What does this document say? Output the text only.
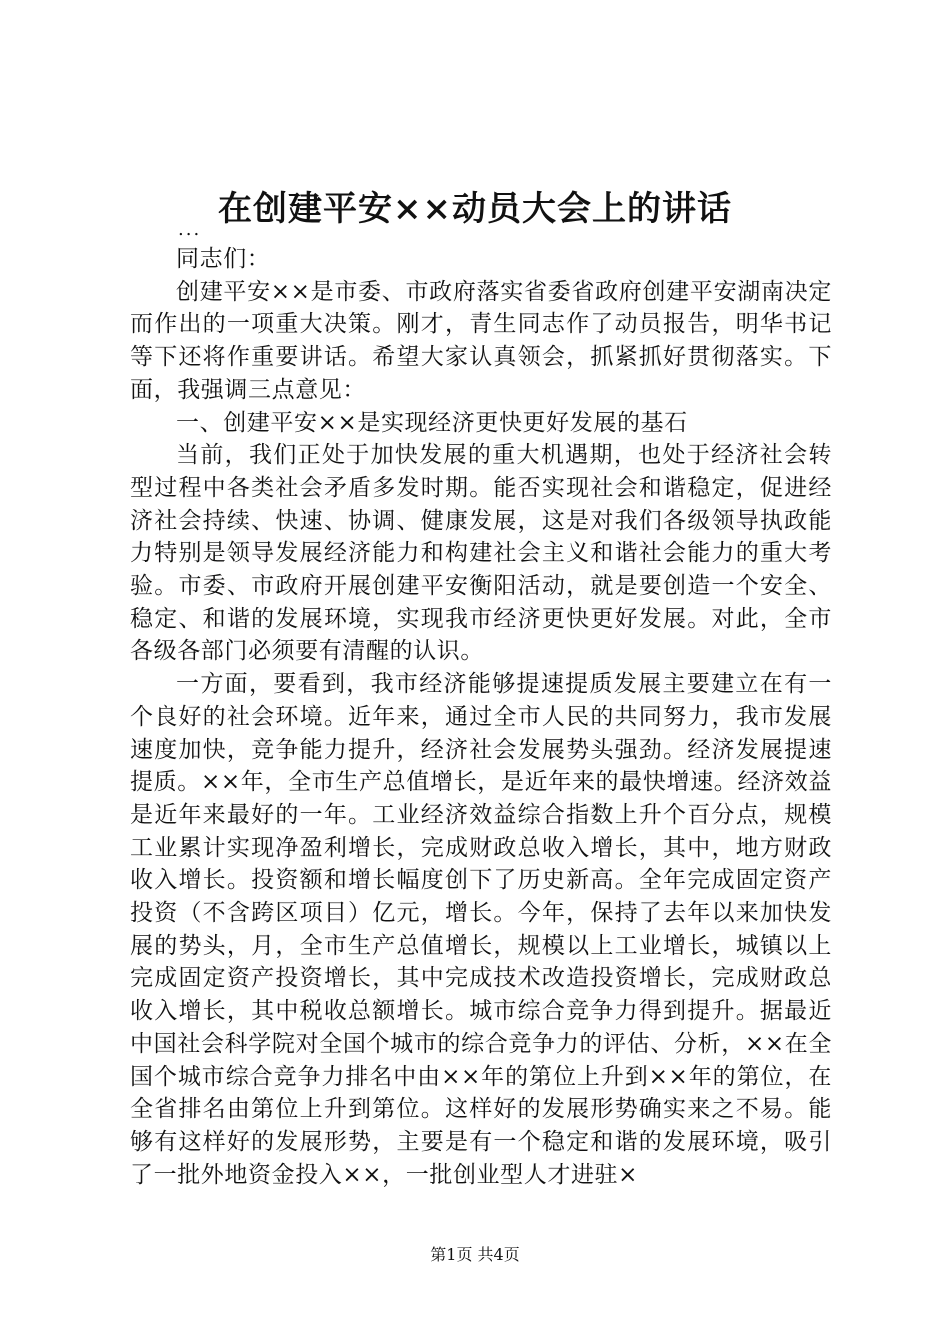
在创建平安××动员大会上的讲话
...

同志们：

创建平安××是市委、市政府落实省委省政府创建平安湖南决定而作出的一项重大决策。刚才，青生同志作了动员报告，明华书记等下还将作重要讲话。希望大家认真领会，抓紧抓好贯彻落实。下面，我强调三点意见：

一、创建平安××是实现经济更快更好发展的基石

当前，我们正处于加快发展的重大机遇期，也处于经济社会转型过程中各类社会矛盾多发时期。能否实现社会和谐稳定，促进经济社会持续、快速、协调、健康发展，这是对我们各级领导执政能力特别是领导发展经济能力和构建社会主义和谐社会能力的重大考验。市委、市政府开展创建平安衡阳活动，就是要创造一个安全、稳定、和谐的发展环境，实现我市经济更快更好发展。对此，全市各级各部门必须要有清醒的认识。

一方面，要看到，我市经济能够提速提质发展主要建立在有一个良好的社会环境。近年来，通过全市人民的共同努力，我市发展速度加快，竞争能力提升，经济社会发展势头强劲。经济发展提速提质。××年，全市生产总值增长，是近年来的最快增速。经济效益是近年来最好的一年。工业经济效益综合指数上升个百分点，规模工业累计实现净盈利增长，完成财政总收入增长，其中，地方财政收入增长。投资额和增长幅度创下了历史新高。全年完成固定资产投资（不含跨区项目）亿元，增长。今年，保持了去年以来加快发展的势头，月，全市生产总值增长，规模以上工业增长，城镇以上完成固定资产投资增长，其中完成技术改造投资增长，完成财政总收入增长，其中税收总额增长。城市综合竞争力得到提升。据最近中国社会科学院对全国个城市的综合竞争力的评估、分析，××在全国个城市综合竞争力排名中由××年的第位上升到××年的第位，在全省排名由第位上升到第位。这样好的发展形势确实来之不易。能够有这样好的发展形势，主要是有一个稳定和谐的发展环境，吸引了一批外地资金投入××，一批创业型人才进驻×

第1页 共4页
